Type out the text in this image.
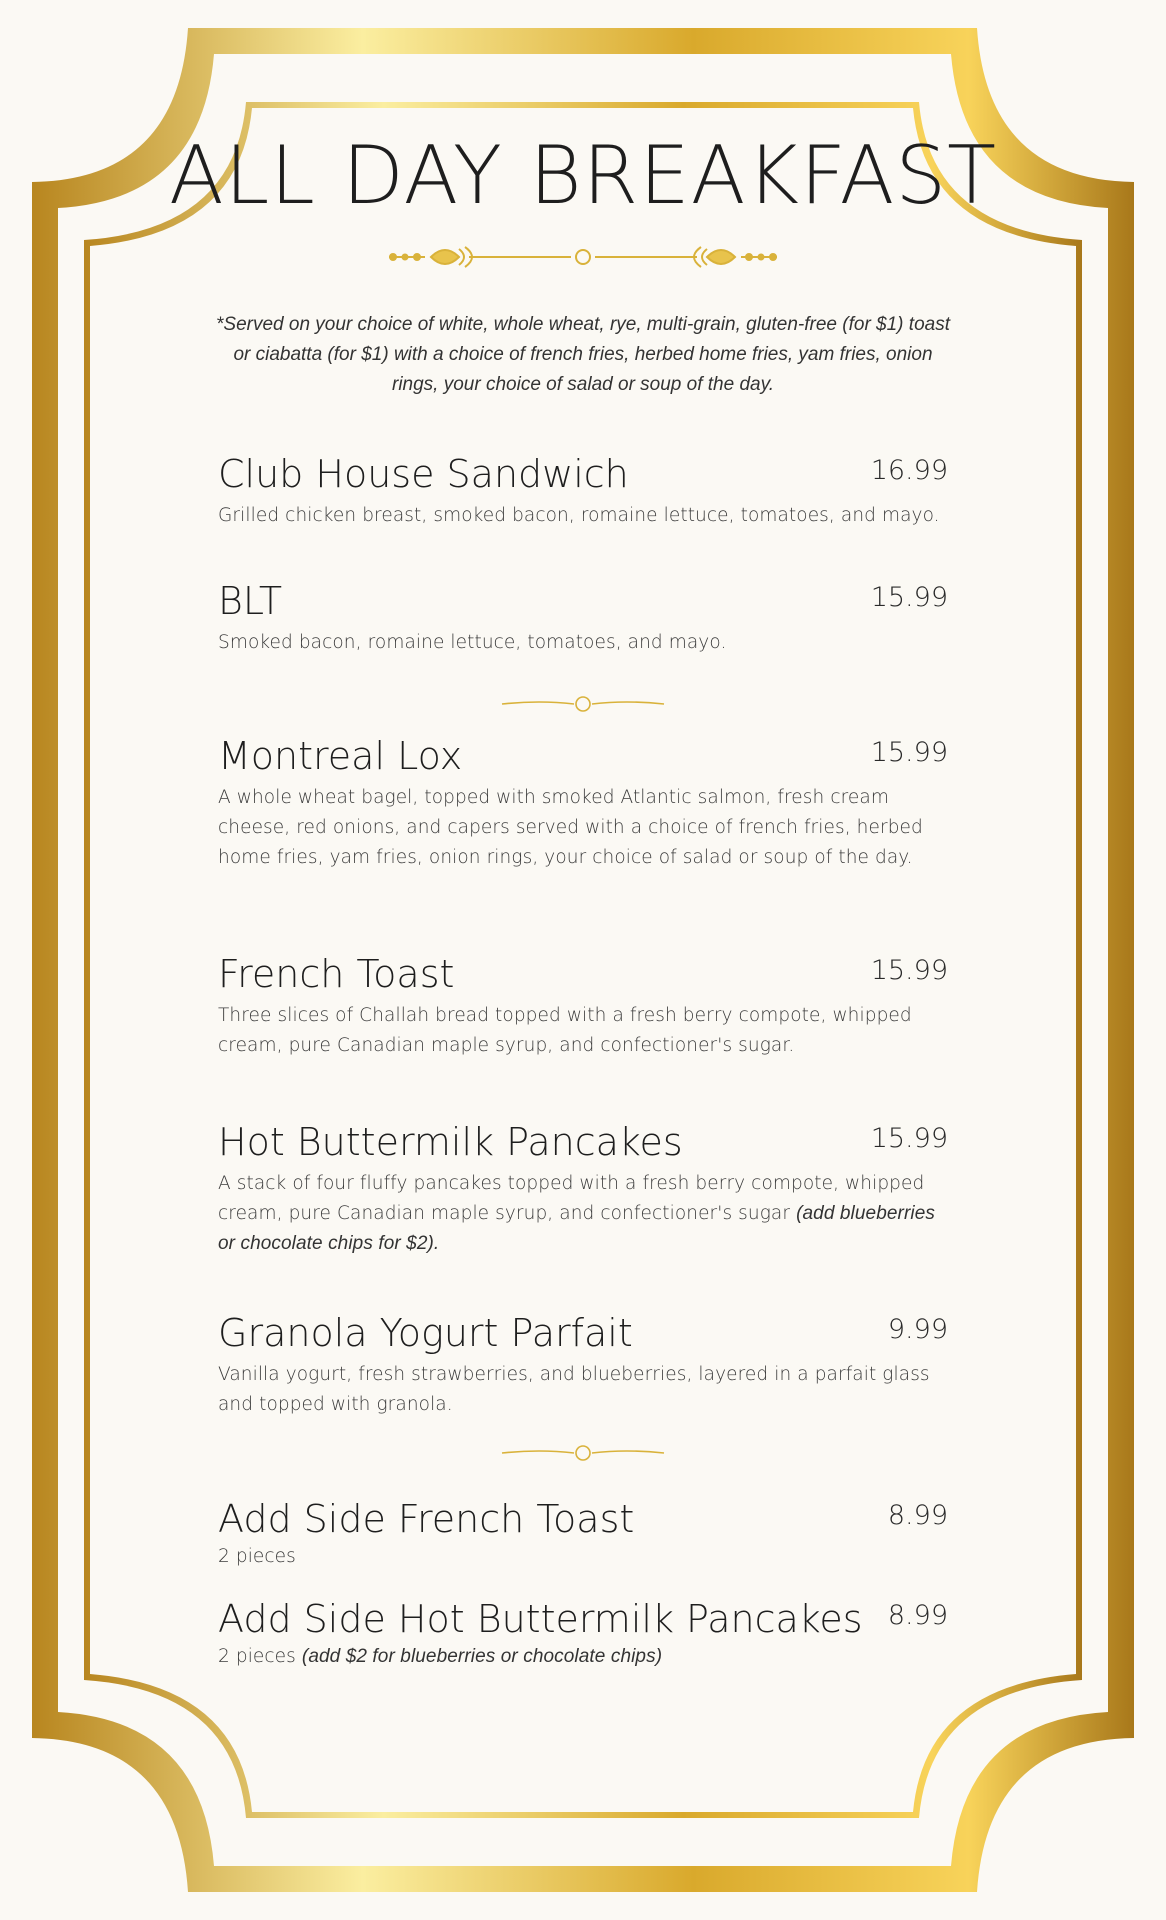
ALL DAY BREAKFAST
*Served on your choice of white, whole wheat, rye, multi-grain, gluten-free (for $1) toast or ciabatta (for $1) with a choice of french fries, herbed home fries, yam fries, onion rings, your choice of salad or soup of the day.
Club House Sandwich	16.99
Grilled chicken breast, smoked bacon, romaine lettuce, tomatoes, and mayo.
BLT	15.99
Smoked bacon, romaine lettuce, tomatoes, and mayo.
Montreal Lox	15.99
A whole wheat bagel, topped with smoked Atlantic salmon, fresh cream cheese, red onions, and capers served with a choice of french fries, herbed home fries, yam fries, onion rings, your choice of salad or soup of the day.
French Toast	15.99
Three slices of Challah bread topped with a fresh berry compote, whipped cream, pure Canadian maple syrup, and confectioner's sugar.
Hot Buttermilk Pancakes	15.99
A stack of four fluffy pancakes topped with a fresh berry compote, whipped cream, pure Canadian maple syrup, and confectioner's sugar (add blueberries or chocolate chips for $2).
Granola Yogurt Parfait	9.99
Vanilla yogurt, fresh strawberries, and blueberries, layered in a parfait glass and topped with granola.
Add Side French Toast	8.99
2 pieces
Add Side Hot Buttermilk Pancakes 8.99
2 pieces (add $2 for blueberries or chocolate chips)
